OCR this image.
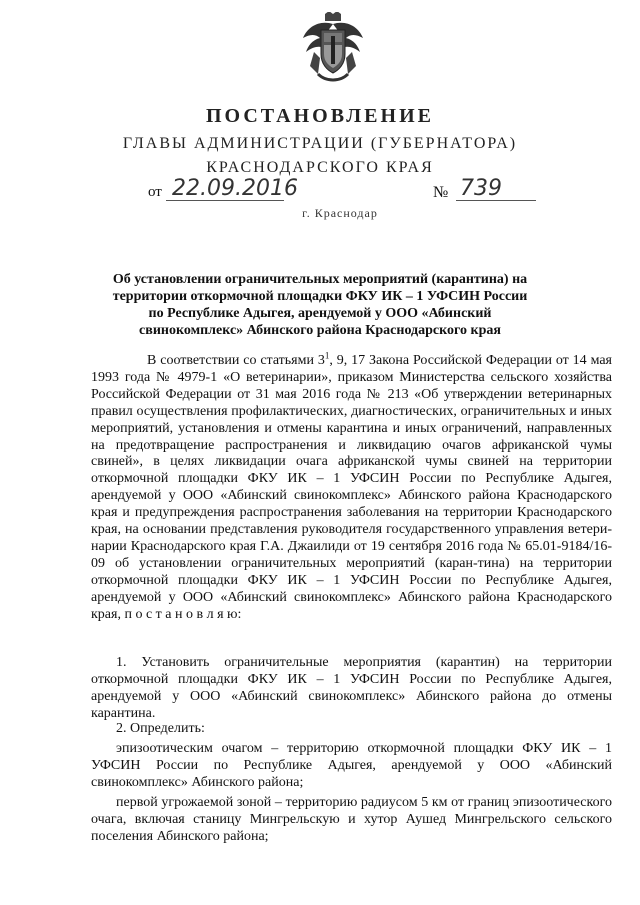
ПОСТАНОВЛЕНИЕ
ГЛАВЫ АДМИНИСТРАЦИИ (ГУБЕРНАТОРА)
КРАСНОДАРСКОГО КРАЯ
от 22.09.2016	№ 739
г. Краснодар
Об установлении ограничительных мероприятий (карантина) на территории откормочной площадки ФКУ ИК – 1 УФСИН России по Республике Адыгея, арендуемой у ООО «Абинский свинокомплекс» Абинского района Краснодарского края
В соответствии со статьями $3^1$, 9, 17 Закона Российской Федерации от 14 мая 1993 года № 4979-1 «О ветеринарии», приказом Министерства сельского хозяйства Российской Федерации от 31 мая 2016 года № 213 «Об утверждении ветеринарных правил осуществления профилактических, диагностических, ограничительных и иных мероприятий, установления и отмены карантина и иных ограничений, направленных на предотвращение распространения и ликвидацию очагов африканской чумы свиней», в целях ликвидации очага африканской чумы свиней на территории откормочной площадки ФКУ ИК – 1 УФСИН России по Республике Адыгея, арендуемой у ООО «Абинский свинокомплекс» Абинского района Краснодарского края и предупреждения распространения заболевания на территории Краснодарского края, на основании представления руководителя государственного управления ветери-нарии Краснодарского края Г.А. Джаилиди от 19 сентября 2016 года № 65.01-9184/16-09 об установлении ограничительных мероприятий (каран-тина) на территории откормочной площадки ФКУ ИК – 1 УФСИН России по Республике Адыгея, арендуемой у ООО «Абинский свинокомплекс» Абинского района Краснодарского края, п о с т а н о в л я ю:
1. Установить ограничительные мероприятия (карантин) на территории откормочной площадки ФКУ ИК – 1 УФСИН России по Республике Адыгея, арендуемой у ООО «Абинский свинокомплекс» Абинского района до отмены карантина.
2. Определить:
эпизоотическим очагом – территорию откормочной площадки ФКУ ИК – 1 УФСИН России по Республике Адыгея, арендуемой у ООО «Абинский свинокомплекс» Абинского района;
первой угрожаемой зоной – территорию радиусом 5 км от границ эпизоотического очага, включая станицу Мингрельскую и хутор Аушед Мингрельского сельского поселения Абинского района;
